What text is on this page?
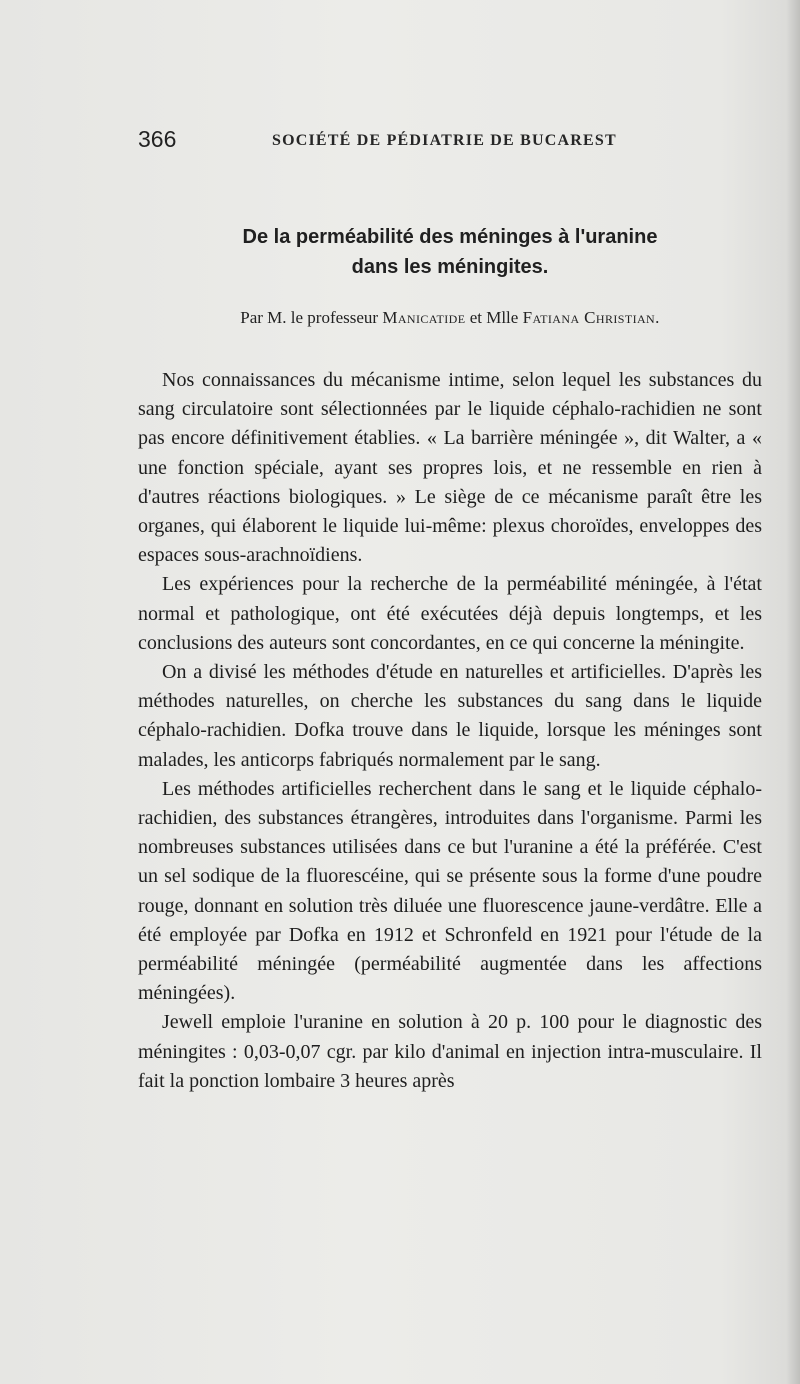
366	SOCIÉTÉ DE PÉDIATRIE DE BUCAREST
De la perméabilité des méninges à l'uranine
dans les méningites.
Par M. le professeur Manicatide et Mlle Fatiana Christian.

Nos connaissances du mécanisme intime, selon lequel les substances du sang circulatoire sont sélectionnées par le liquide céphalo-rachidien ne sont pas encore définitivement établies. « La barrière méningée », dit Walter, a « une fonction spéciale, ayant ses propres lois, et ne ressemble en rien à d'autres réactions biologiques. » Le siège de ce mécanisme paraît être les organes, qui élaborent le liquide lui-même: plexus choroïdes, enveloppes des espaces sous-arachnoïdiens.

Les expériences pour la recherche de la perméabilité méningée, à l'état normal et pathologique, ont été exécutées déjà depuis longtemps, et les conclusions des auteurs sont concordantes, en ce qui concerne la méningite.

On a divisé les méthodes d'étude en naturelles et artificielles. D'après les méthodes naturelles, on cherche les substances du sang dans le liquide céphalo-rachidien. Dofka trouve dans le liquide, lorsque les méninges sont malades, les anticorps fabriqués normalement par le sang.

Les méthodes artificielles recherchent dans le sang et le liquide céphalo-rachidien, des substances étrangères, introduites dans l'organisme. Parmi les nombreuses substances utilisées dans ce but l'uranine a été la préférée. C'est un sel sodique de la fluorescéine, qui se présente sous la forme d'une poudre rouge, donnant en solution très diluée une fluorescence jaune-verdâtre. Elle a été employée par Dofka en 1912 et Schronfeld en 1921 pour l'étude de la perméabilité méningée (perméabilité augmentée dans les affections méningées).

Jewell emploie l'uranine en solution à 20 p. 100 pour le diagnostic des méningites : 0,03-0,07 cgr. par kilo d'animal en injection intra-musculaire. Il fait la ponction lombaire 3 heures après
